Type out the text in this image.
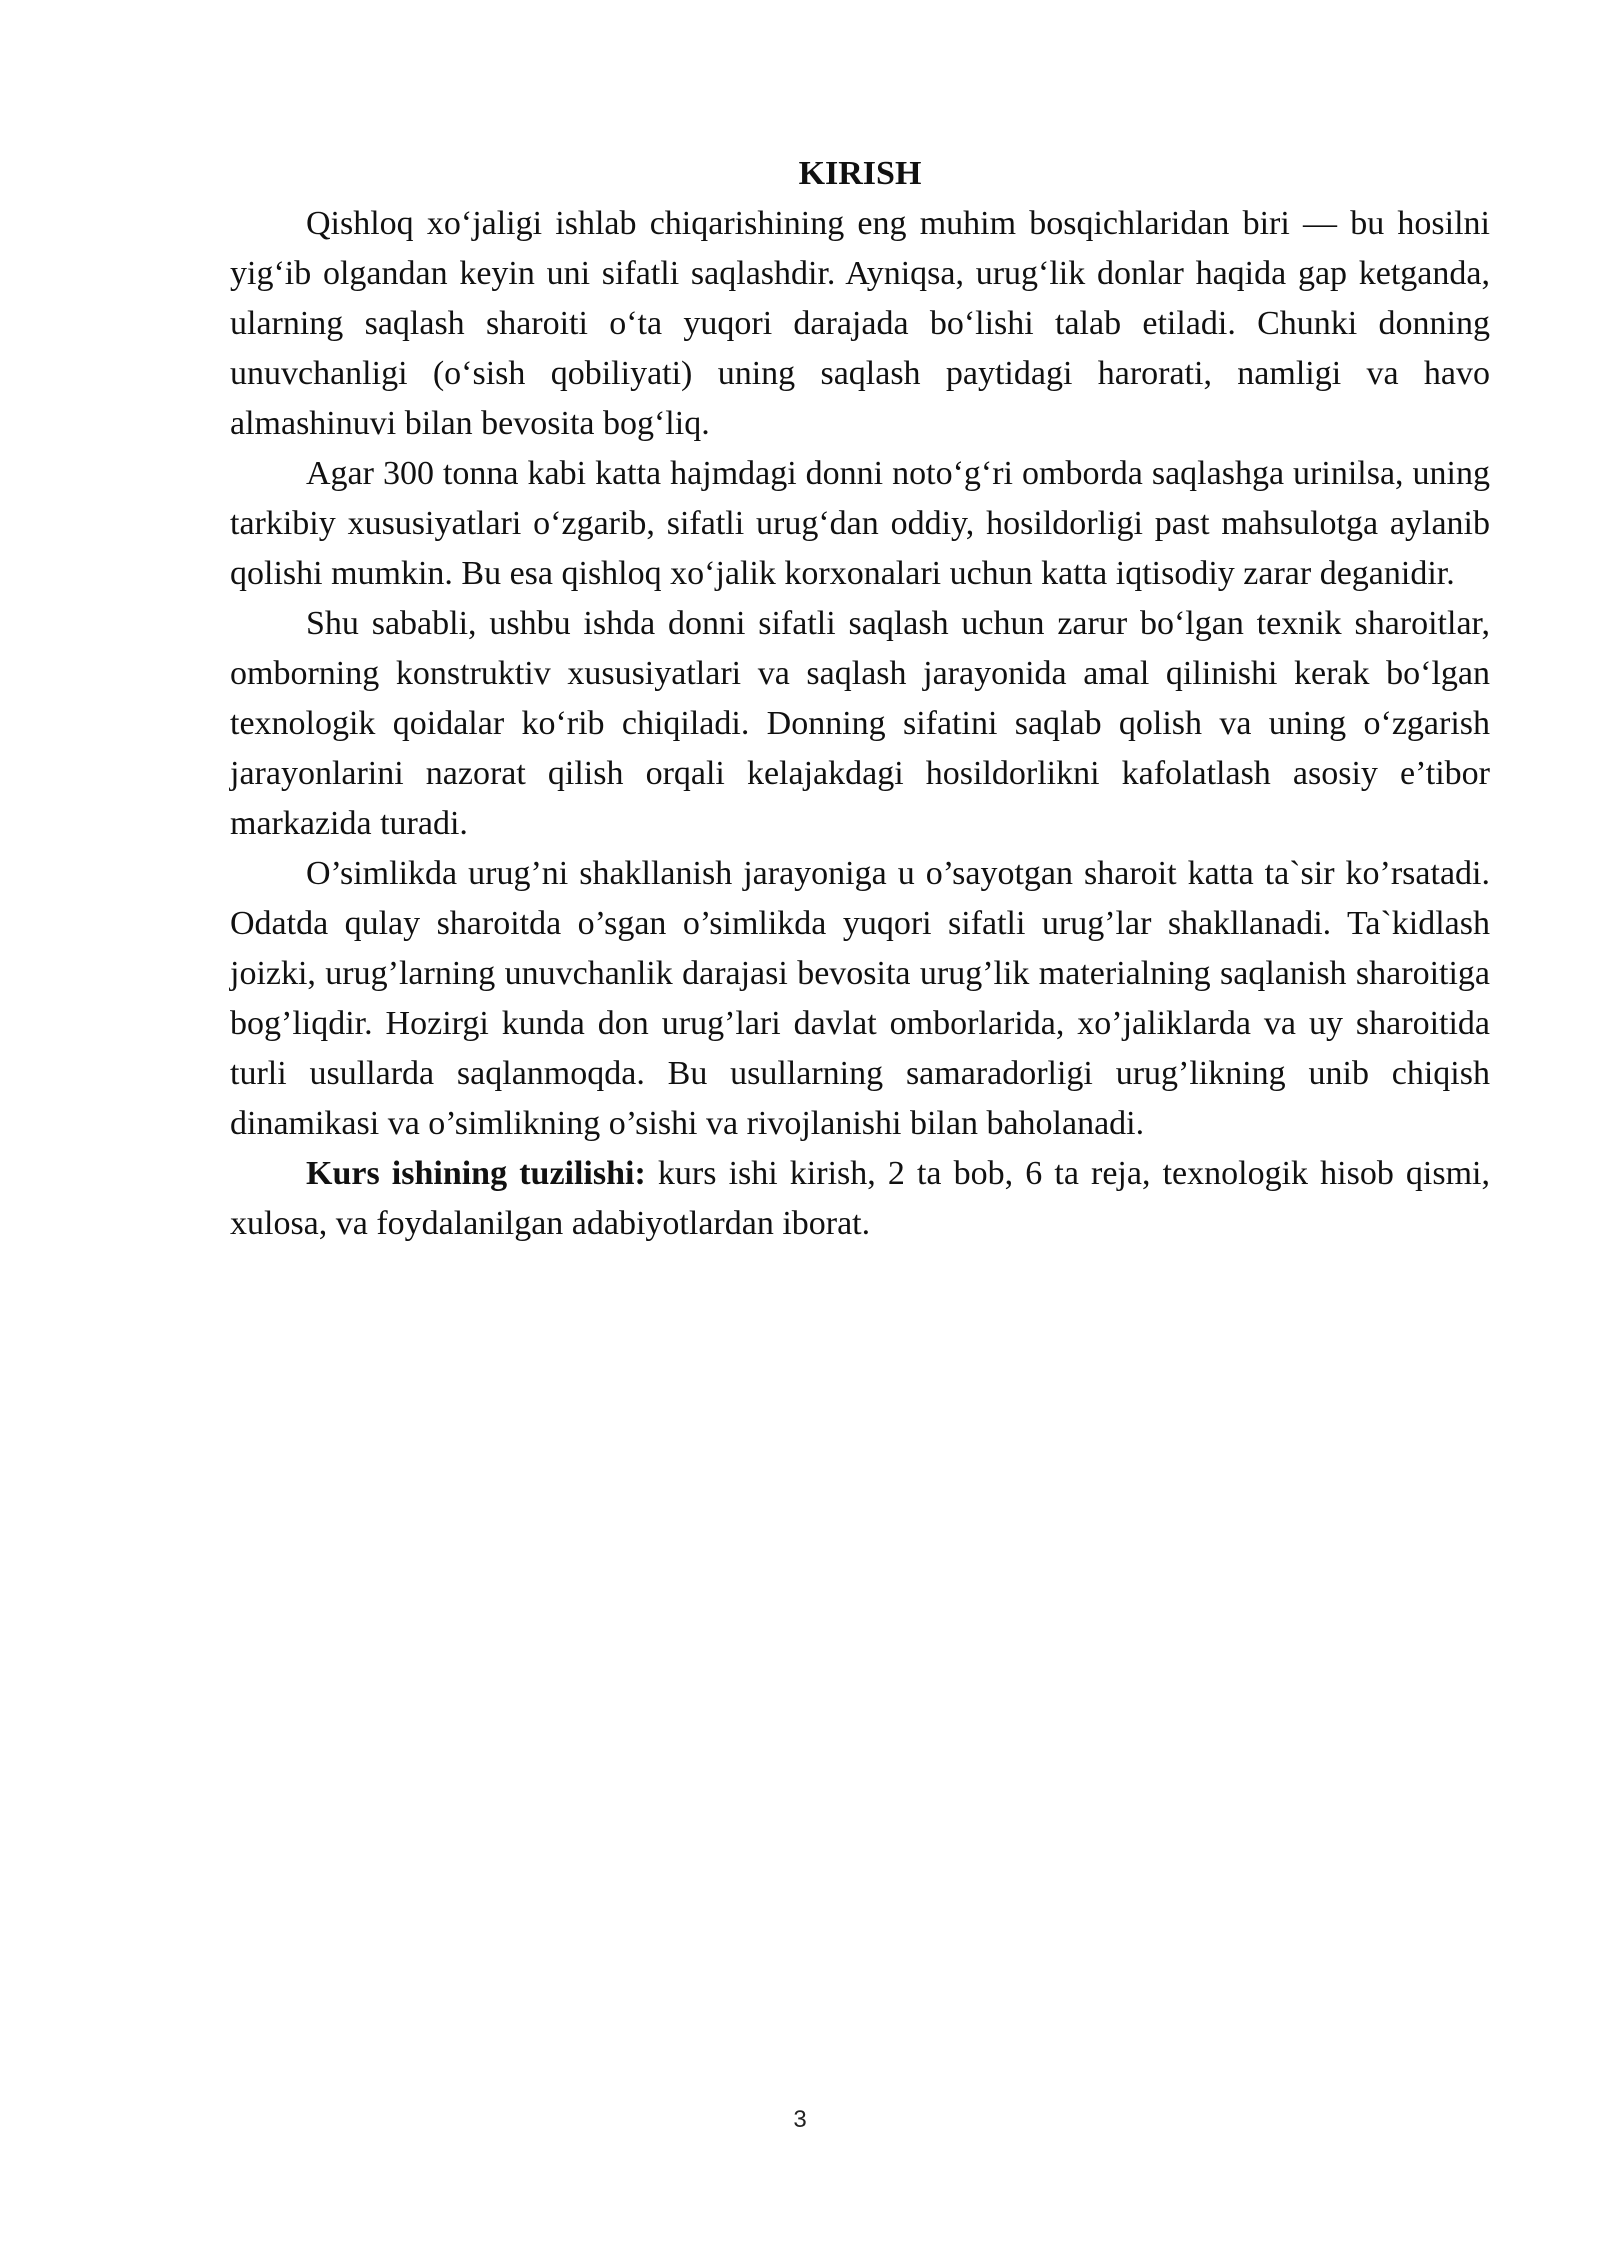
KIRISH

Qishloq xo‘jaligi ishlab chiqarishining eng muhim bosqichlaridan biri — bu hosilni yig‘ib olgandan keyin uni sifatli saqlashdir. Ayniqsa, urug‘lik donlar haqida gap ketganda, ularning saqlash sharoiti o‘ta yuqori darajada bo‘lishi talab etiladi. Chunki donning unuvchanligi (o‘sish qobiliyati) uning saqlash paytidagi harorati, namligi va havo almashinuvi bilan bevosita bog‘liq.

Agar 300 tonna kabi katta hajmdagi donni noto‘g‘ri omborda saqlashga urinilsa, uning tarkibiy xususiyatlari o‘zgarib, sifatli urug‘dan oddiy, hosildorligi past mahsulotga aylanib qolishi mumkin. Bu esa qishloq xo‘jalik korxonalari uchun katta iqtisodiy zarar deganidir.

Shu sababli, ushbu ishda donni sifatli saqlash uchun zarur bo‘lgan texnik sharoitlar, omborning konstruktiv xususiyatlari va saqlash jarayonida amal qilinishi kerak bo‘lgan texnologik qoidalar ko‘rib chiqiladi. Donning sifatini saqlab qolish va uning o‘zgarish jarayonlarini nazorat qilish orqali kelajakdagi hosildorlikni kafolatlash asosiy e’tibor markazida turadi.

O’simlikda urug’ni shakllanish jarayoniga u o’sayotgan sharoit katta ta`sir ko’rsatadi. Odatda qulay sharoitda o’sgan o’simlikda yuqori sifatli urug’lar shakllanadi. Ta`kidlash joizki, urug’larning unuvchanlik darajasi bevosita urug’lik materialning saqlanish sharoitiga bog’liqdir. Hozirgi kunda don urug’lari davlat omborlarida, xo’jaliklarda va uy sharoitida turli usullarda saqlanmoqda. Bu usullarning samaradorligi urug’likning unib chiqish dinamikasi va o’simlikning o’sishi va rivojlanishi bilan baholanadi.

Kurs ishining tuzilishi: kurs ishi kirish, 2 ta bob, 6 ta reja, texnologik hisob qismi, xulosa, va foydalanilgan adabiyotlardan iborat.

3
